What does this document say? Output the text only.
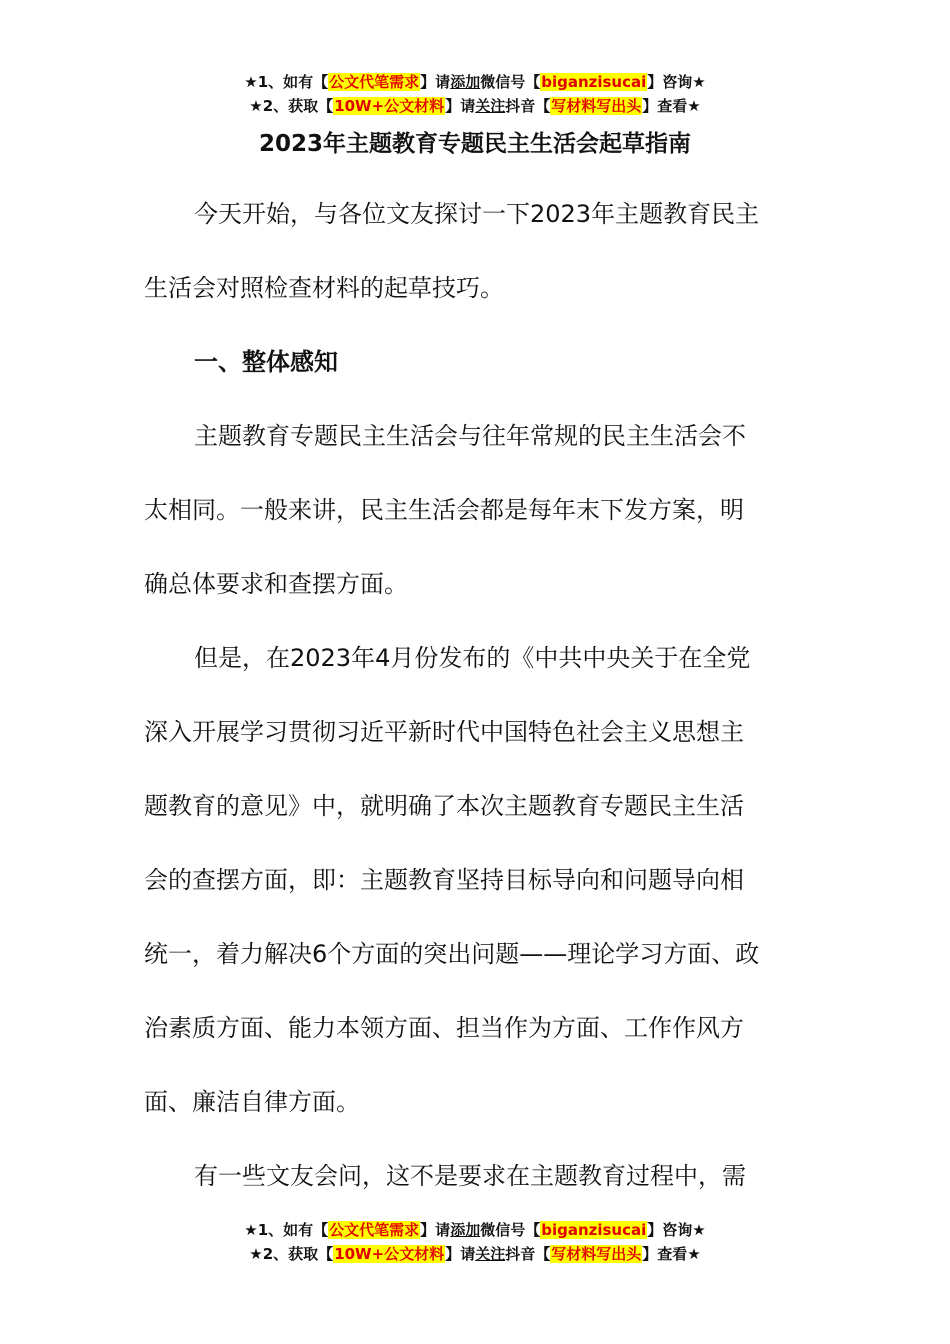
★1、如有【公文代笔需求】请添加微信号【biganzisucai】咨询★
★2、获取【10W+公文材料】请关注抖音【写材料写出头】查看★
2023年主题教育专题民主生活会起草指南
今天开始，与各位文友探讨一下2023年主题教育民主
生活会对照检查材料的起草技巧。
一、整体感知
主题教育专题民主生活会与往年常规的民主生活会不
太相同。一般来讲，民主生活会都是每年末下发方案，明
确总体要求和查摆方面。
但是，在2023年4月份发布的《中共中央关于在全党
深入开展学习贯彻习近平新时代中国特色社会主义思想主
题教育的意见》中，就明确了本次主题教育专题民主生活
会的查摆方面，即：主题教育坚持目标导向和问题导向相
统一，着力解决6个方面的突出问题——理论学习方面、政
治素质方面、能力本领方面、担当作为方面、工作作风方
面、廉洁自律方面。
有一些文友会问，这不是要求在主题教育过程中，需
★1、如有【公文代笔需求】请添加微信号【biganzisucai】咨询★
★2、获取【10W+公文材料】请关注抖音【写材料写出头】查看★
